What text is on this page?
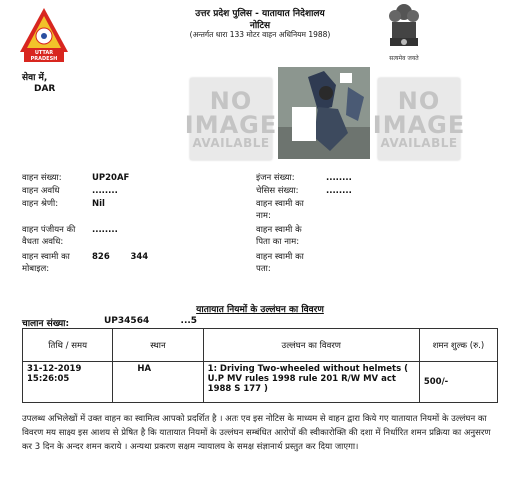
UTTAR PRADESH
उत्तर प्रदेश पुलिस - यातायात निदेशालय
नोटिस
(अन्तर्गत धारा 133 मोटर वाहन अधिनियम 1988)
सत्यमेव जयते
सेवा में,
DAR	NO
IMAGE
AVAILABLE
NO
IMAGE
AVAILABLE
वाहन संख्या:	UP20AF
वाहन अवधि	........
वाहन श्रेणी:	Nil
वाहन पंजीयन की वैधता अवधि:
........
वाहन स्वामी का मोबाइल:
826       344
इंजन संख्या:	........
चेसिस संख्या:	........
वाहन स्वामी का नाम:
वाहन स्वामी के पिता का नाम:
वाहन स्वामी का पता:
यातायात नियमों के उल्लंघन का विवरण
चालान संख्या:	UP34564          ...5
तिथि / समय	स्थान	उल्लंघन का विवरण	शमन शुल्क (रु.)
31-12-2019
15:26:05	HA	1: Driving Two-wheeled without helmets ( U.P MV rules 1998 rule 201 R/W MV act 1988 S 177 )	500/-
उपलब्ध अभिलेखों में उक्त वाहन का स्वामित्व आपको प्रदर्शित है । अतः एव इस नोटिस के माध्यम से वाहन द्वारा किये गए यातायात नियमों के उल्लंघन का विवरण मय साक्ष्य इस आशय से प्रेषित है कि यातायात नियमों के उल्लंघन सम्बंधित आरोपों की स्वीकारोक्ति की दशा में निर्धारित शमन प्रक्रिया का अनुसरण कर 3 दिन के अन्दर शमन कराये । अन्यथा प्रकरण सक्षम न्यायालय के समक्ष संज्ञानार्थ प्रस्तुत कर दिया जाएगा।
